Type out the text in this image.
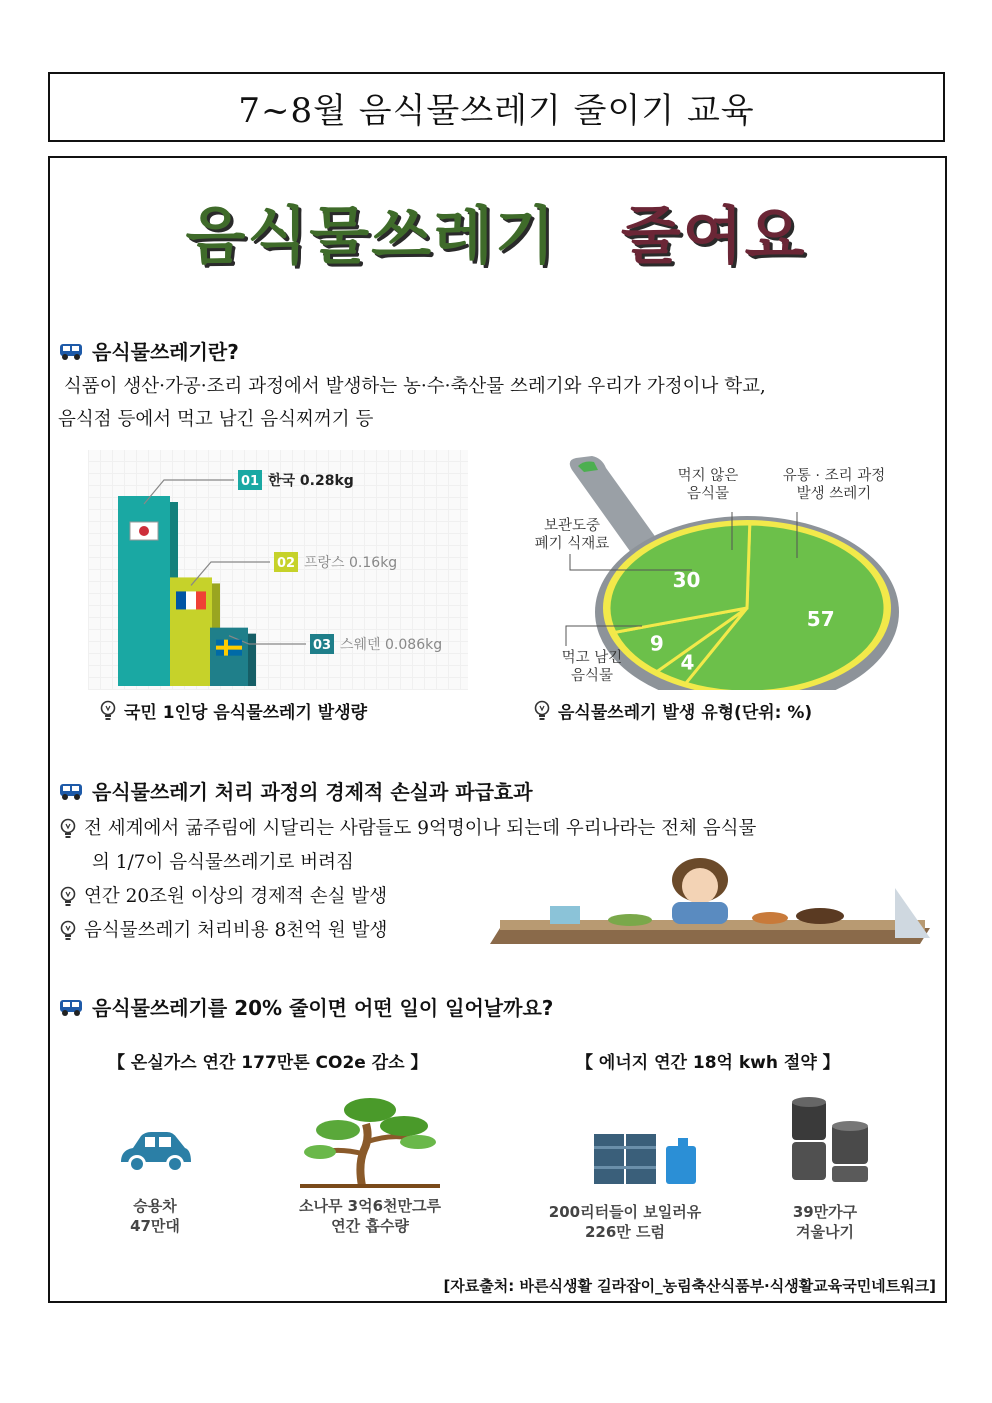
7~8월 음식물쓰레기 줄이기 교육
음식물쓰레기 줄여요
음식물쓰레기란?
식품이 생산·가공·조리 과정에서 발생하는 농·수·축산물 쓰레기와 우리가 가정이나 학교,
음식점 등에서 먹고 남긴 음식찌꺼기 등
01 한국 0.28kg
02 프랑스 0.16kg
03 스웨덴 0.086kg
국민 1인당 음식물쓰레기 발생량
57
4
9
30
유통 · 조리 과정 발생 쓰레기
먹지 않은 음식물
보관도중 폐기 식재료
먹고 남긴 음식물
음식물쓰레기 발생 유형(단위: %)
음식물쓰레기 처리 과정의 경제적 손실과 파급효과
전 세계에서 굶주림에 시달리는 사람들도 9억명이나 되는데 우리나라는 전체 음식물
의 1/7이 음식물쓰레기로 버려짐
연간 20조원 이상의 경제적 손실 발생
음식물쓰레기 처리비용 8천억 원 발생
음식물쓰레기를 20% 줄이면 어떤 일이 일어날까요?
【 온실가스 연간 177만톤 CO2e 감소 】	【 에너지 연간 18억 kwh 절약 】
승용차
47만대
소나무 3억6천만그루
연간 흡수량
200리터들이 보일러유
226만 드럼
39만가구
겨울나기
[자료출처: 바른식생활 길라잡이_농림축산식품부·식생활교육국민네트워크]
